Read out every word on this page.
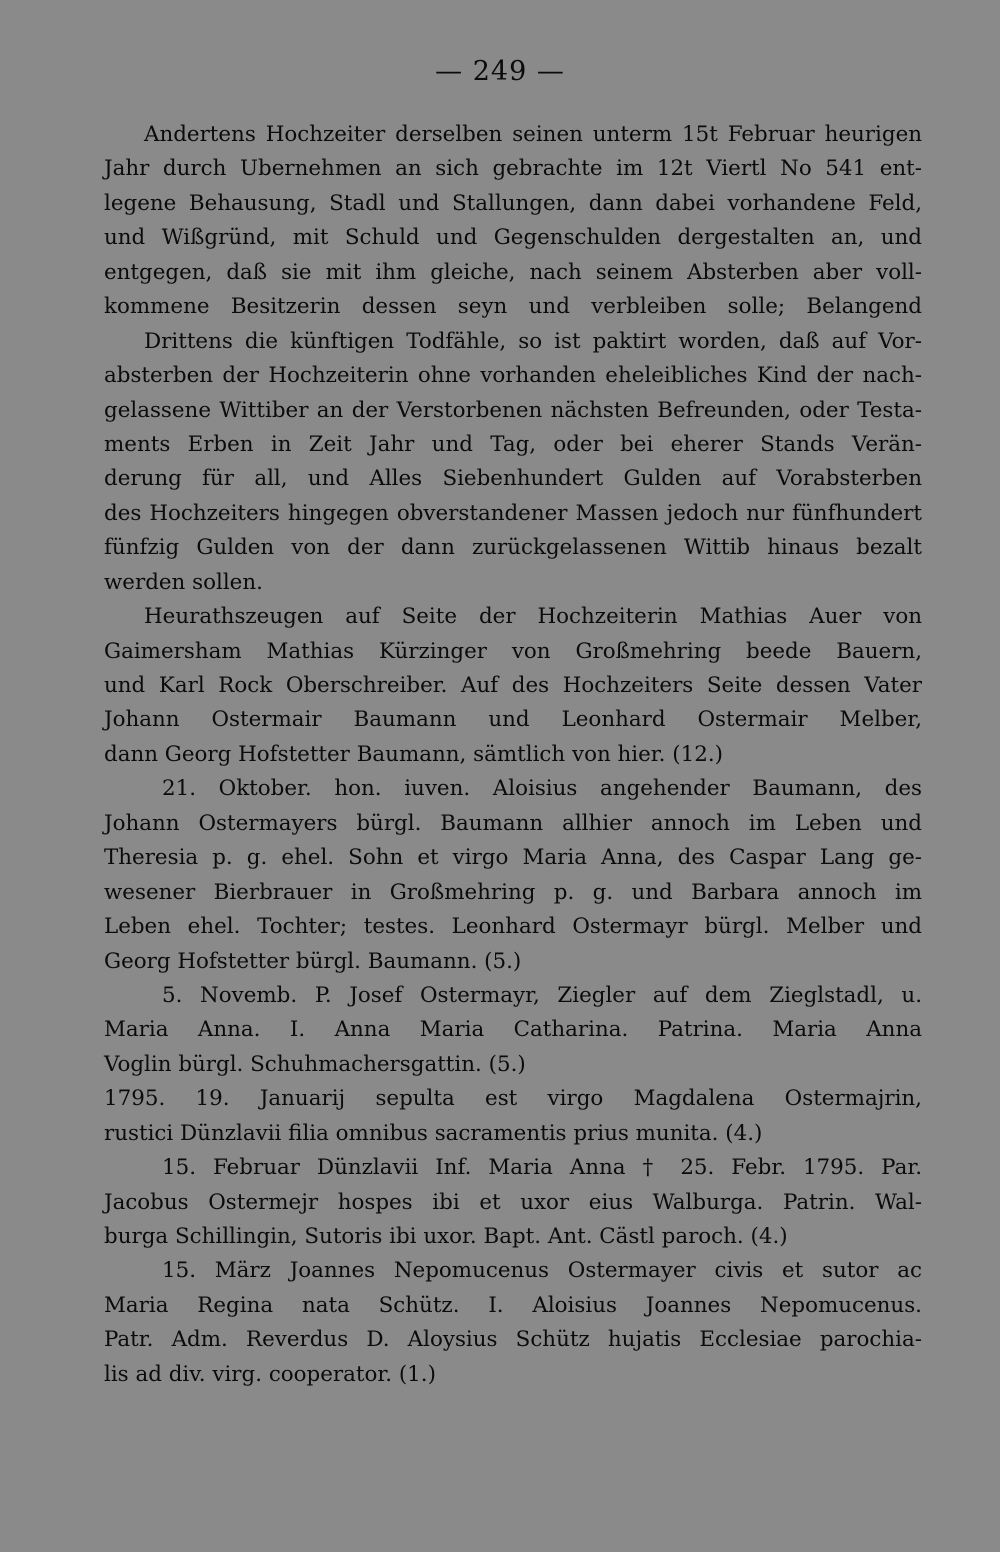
— 249 —
Andertens Hochzeiter derselben seinen unterm 15t Februar heurigen
Jahr durch Ubernehmen an sich gebrachte im 12t Viertl No 541 ent-
legene Behausung, Stadl und Stallungen, dann dabei vorhandene Feld,
und Wißgründ, mit Schuld und Gegenschulden dergestalten an, und
entgegen, daß sie mit ihm gleiche, nach seinem Absterben aber voll-
kommene Besitzerin dessen seyn und verbleiben solle; Belangend
Drittens die künftigen Todfähle, so ist paktirt worden, daß auf Vor-
absterben der Hochzeiterin ohne vorhanden eheleibliches Kind der nach-
gelassene Wittiber an der Verstorbenen nächsten Befreunden, oder Testa-
ments Erben in Zeit Jahr und Tag, oder bei eherer Stands Verän-
derung für all, und Alles Siebenhundert Gulden auf Vorabsterben
des Hochzeiters hingegen obverstandener Massen jedoch nur fünfhundert
fünfzig Gulden von der dann zurückgelassenen Wittib hinaus bezalt
werden sollen.
Heurathszeugen auf Seite der Hochzeiterin Mathias Auer von
Gaimersham Mathias Kürzinger von Großmehring beede Bauern,
und Karl Rock Oberschreiber. Auf des Hochzeiters Seite dessen Vater
Johann Ostermair Baumann und Leonhard Ostermair Melber,
dann Georg Hofstetter Baumann, sämtlich von hier. (12.)
21. Oktober. hon. iuven. Aloisius angehender Baumann, des
Johann Ostermayers bürgl. Baumann allhier annoch im Leben und
Theresia p. g. ehel. Sohn et virgo Maria Anna, des Caspar Lang ge-
wesener Bierbrauer in Großmehring p. g. und Barbara annoch im
Leben ehel. Tochter; testes. Leonhard Ostermayr bürgl. Melber und
Georg Hofstetter bürgl. Baumann. (5.)
5. Novemb. P. Josef Ostermayr, Ziegler auf dem Zieglstadl, u.
Maria Anna. I. Anna Maria Catharina. Patrina. Maria Anna
Voglin bürgl. Schuhmachersgattin. (5.)
1795. 19. Januarij sepulta est virgo Magdalena Ostermajrin,
rustici Dünzlavii filia omnibus sacramentis prius munita. (4.)
15. Februar Dünzlavii Inf. Maria Anna † 25. Febr. 1795. Par.
Jacobus Ostermejr hospes ibi et uxor eius Walburga. Patrin. Wal-
burga Schillingin, Sutoris ibi uxor. Bapt. Ant. Cästl paroch. (4.)
15. März Joannes Nepomucenus Ostermayer civis et sutor ac
Maria Regina nata Schütz. I. Aloisius Joannes Nepomucenus.
Patr. Adm. Reverdus D. Aloysius Schütz hujatis Ecclesiae parochia-
lis ad div. virg. cooperator. (1.)
